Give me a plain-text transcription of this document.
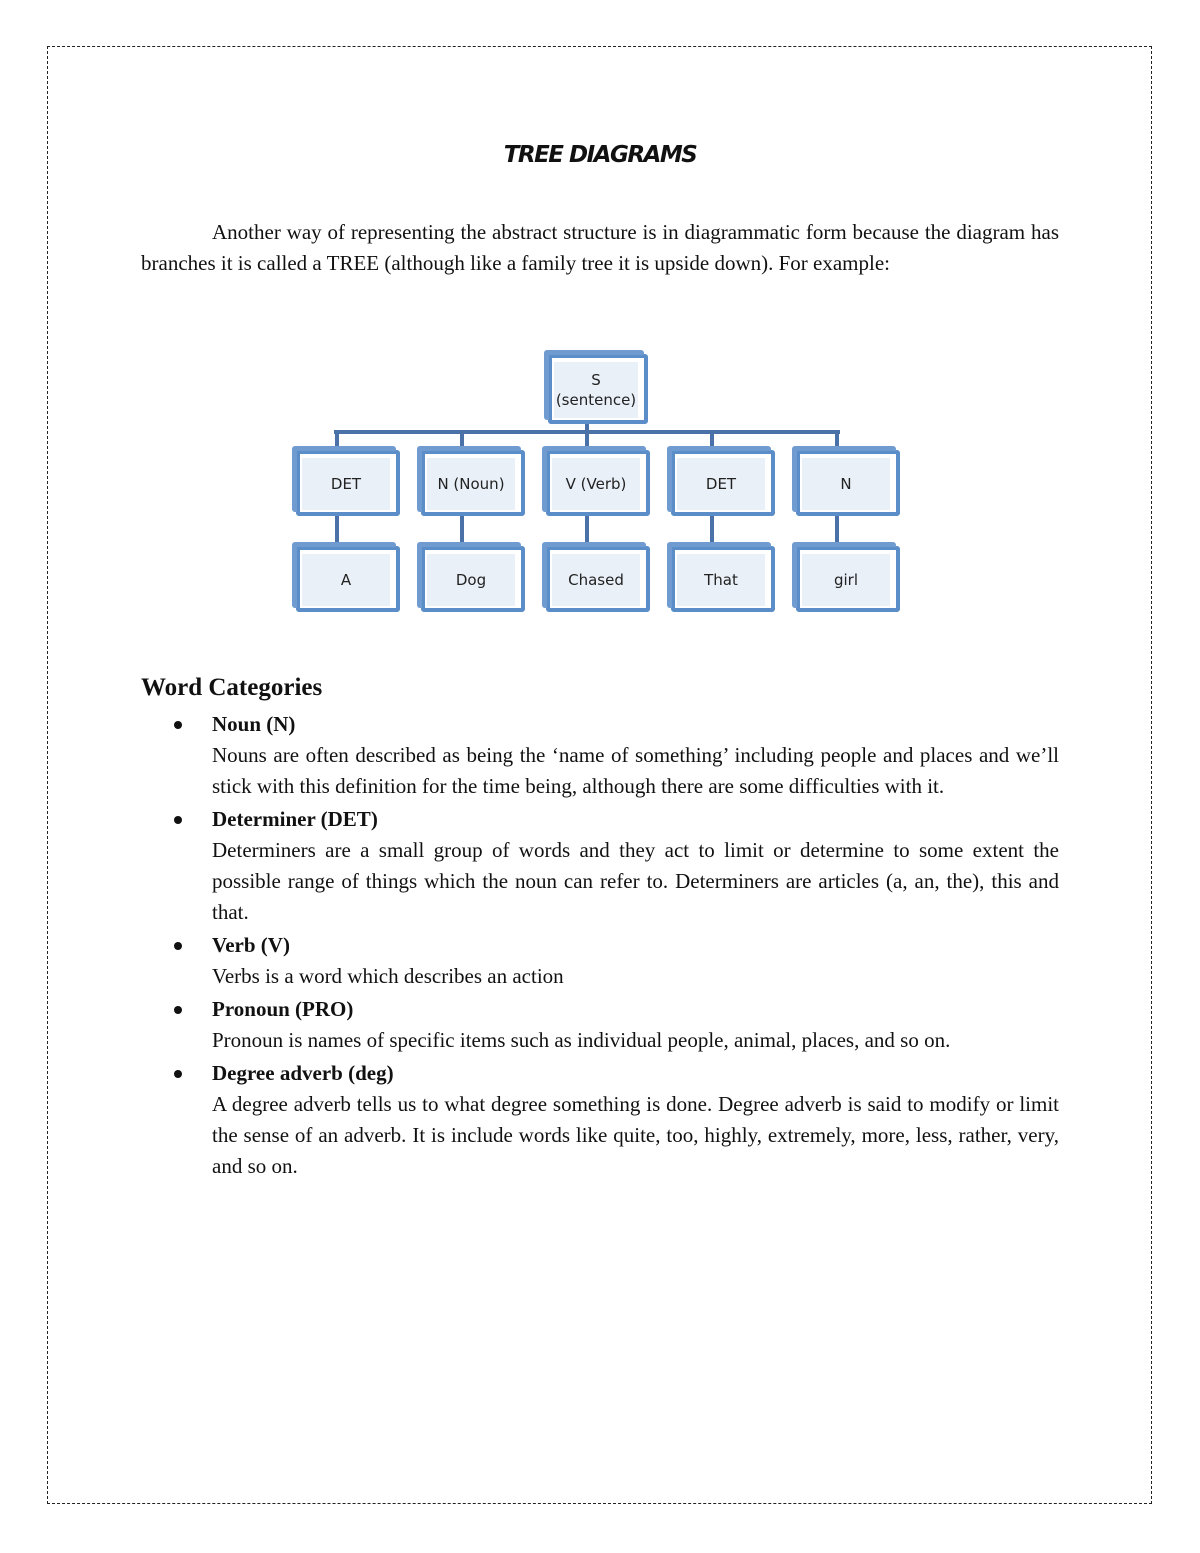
TREE DIAGRAMS

Another way of representing the abstract structure is in diagrammatic form because the diagram has branches it is called a TREE (although like a family tree it is upside down). For example:

S
(sentence)
DET	N (Noun)	V (Verb)	DET	N
A	Dog	Chased	That	girl
Word Categories
Noun (N)
Nouns are often described as being the ‘name of something’ including people and places and we’ll stick with this definition for the time being, although there are some difficulties with it.
Determiner (DET)
Determiners are a small group of words and they act to limit or determine to some extent the possible range of things which the noun can refer to. Determiners are articles (a, an, the), this and that.
Verb (V)
Verbs is a word which describes an action
Pronoun (PRO)
Pronoun is names of specific items such as individual people, animal, places, and so on.
Degree adverb (deg)
A degree adverb tells us to what degree something is done. Degree adverb is said to modify or limit the sense of an adverb. It is include words like quite, too, highly, extremely, more, less, rather, very, and so on.
